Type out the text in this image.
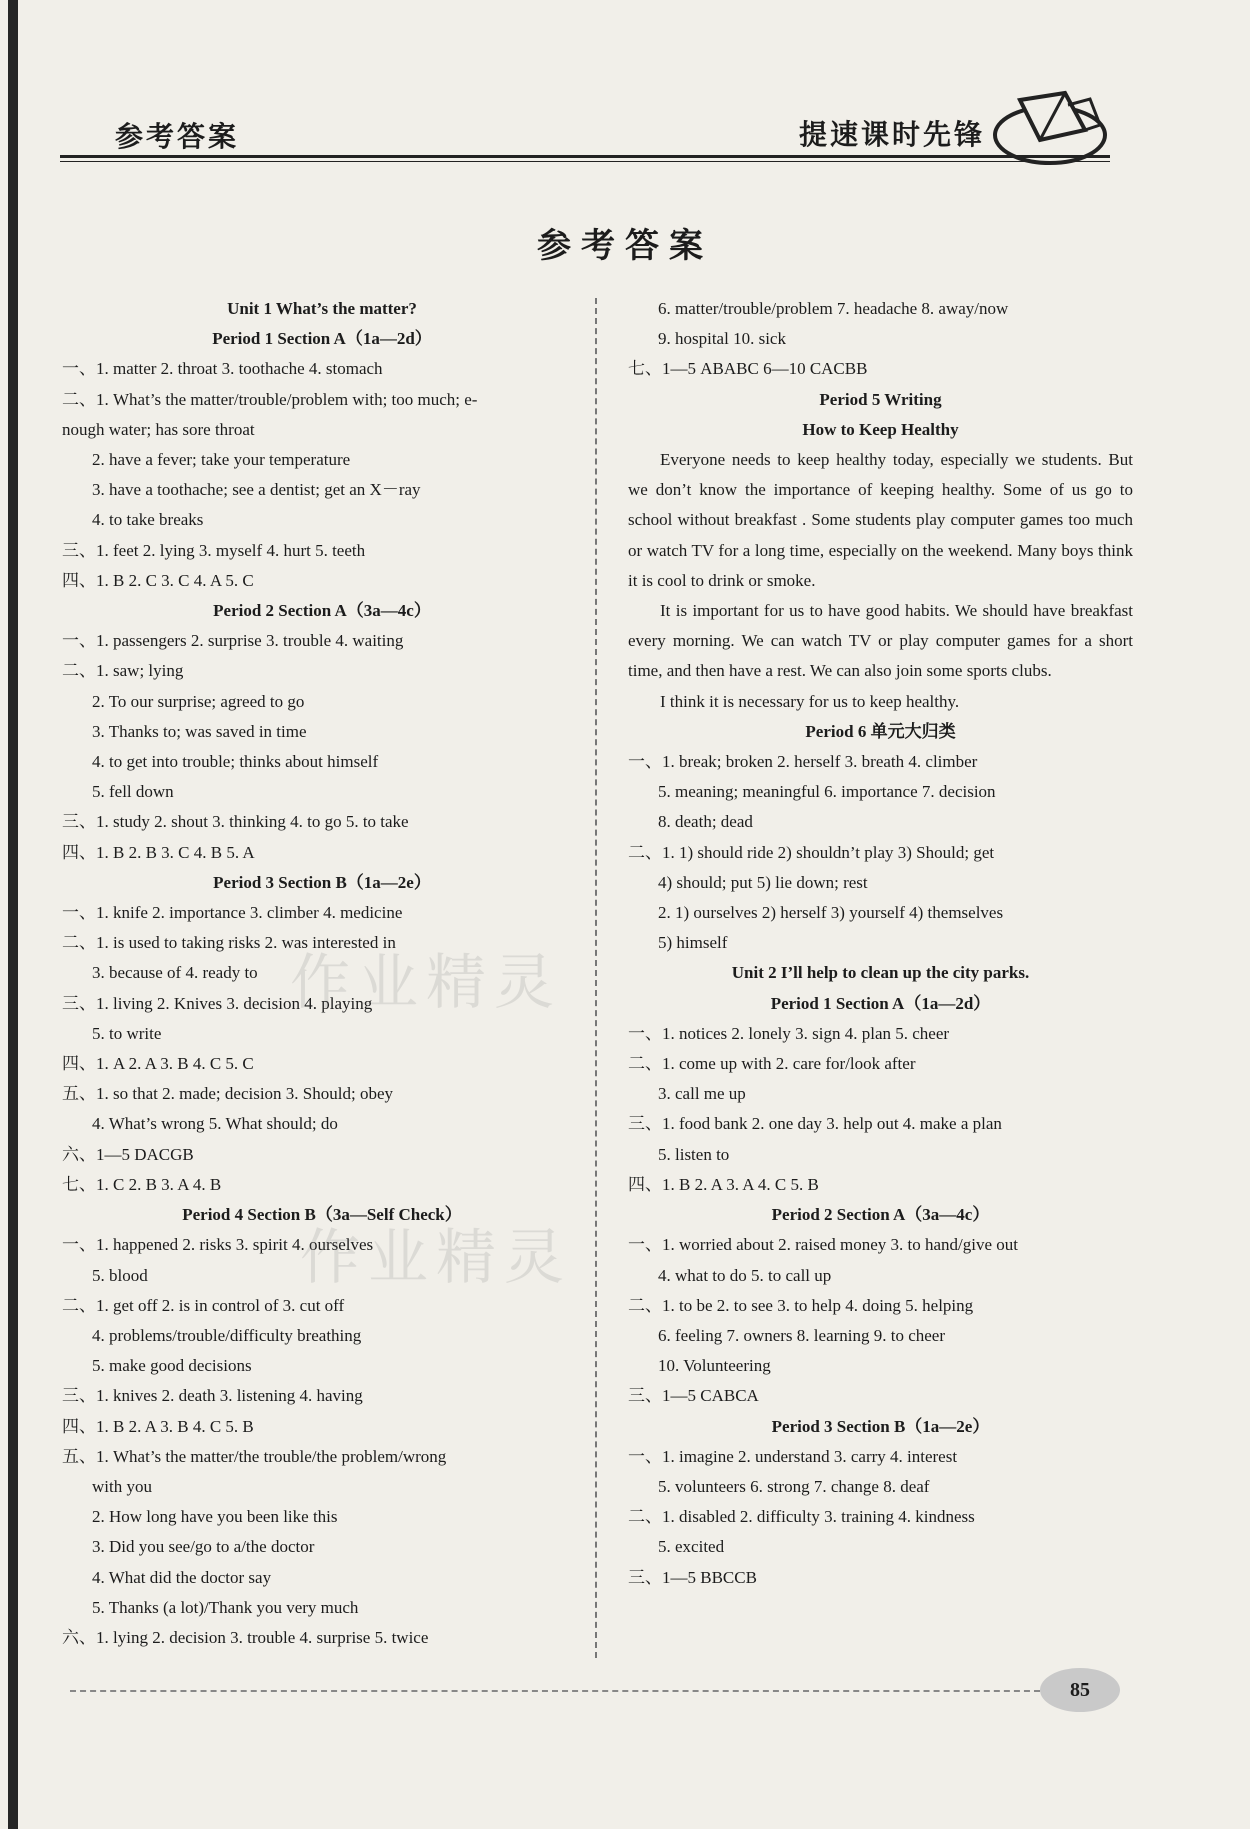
参考答案	提速课时先锋
参考答案
Unit 1 What’s the matter?
Period 1 Section A（1a—2d）
一、1. matter 2. throat 3. toothache 4. stomach
二、1. What’s the matter/trouble/problem with; too much; e-
nough water; has sore throat
2. have a fever; take your temperature
3. have a toothache; see a dentist; get an X－ray
4. to take breaks
三、1. feet 2. lying 3. myself 4. hurt 5. teeth
四、1. B 2. C 3. C 4. A 5. C
Period 2 Section A（3a—4c）
一、1. passengers 2. surprise 3. trouble 4. waiting
二、1. saw; lying
2. To our surprise; agreed to go
3. Thanks to; was saved in time
4. to get into trouble; thinks about himself
5. fell down
三、1. study 2. shout 3. thinking 4. to go 5. to take
四、1. B 2. B 3. C 4. B 5. A
Period 3 Section B（1a—2e）
一、1. knife 2. importance 3. climber 4. medicine
二、1. is used to taking risks 2. was interested in
3. because of 4. ready to
三、1. living 2. Knives 3. decision 4. playing
5. to write
四、1. A 2. A 3. B 4. C 5. C
五、1. so that 2. made; decision 3. Should; obey
4. What’s wrong 5. What should; do
六、1—5 DACGB
七、1. C 2. B 3. A 4. B
Period 4 Section B（3a—Self Check）
一、1. happened 2. risks 3. spirit 4. ourselves
5. blood
二、1. get off 2. is in control of 3. cut off
4. problems/trouble/difficulty breathing
5. make good decisions
三、1. knives 2. death 3. listening 4. having
四、1. B 2. A 3. B 4. C 5. B
五、1. What’s the matter/the trouble/the problem/wrong
with you
2. How long have you been like this
3. Did you see/go to a/the doctor
4. What did the doctor say
5. Thanks (a lot)/Thank you very much
六、1. lying 2. decision 3. trouble 4. surprise 5. twice
6. matter/trouble/problem 7. headache 8. away/now
9. hospital 10. sick
七、1—5 ABABC 6—10 CACBB
Period 5 Writing
How to Keep Healthy
Everyone needs to keep healthy today, especially we students. But we don’t know the importance of keeping healthy. Some of us go to school without breakfast . Some students play computer games too much or watch TV for a long time, especially on the weekend. Many boys think it is cool to drink or smoke.
It is important for us to have good habits. We should have breakfast every morning. We can watch TV or play computer games for a short time, and then have a rest. We can also join some sports clubs.
I think it is necessary for us to keep healthy.
Period 6 单元大归类
一、1. break; broken 2. herself 3. breath 4. climber
5. meaning; meaningful 6. importance 7. decision
8. death; dead
二、1. 1) should ride 2) shouldn’t play 3) Should; get
4) should; put 5) lie down; rest
2. 1) ourselves 2) herself 3) yourself 4) themselves
5) himself
Unit 2 I’ll help to clean up the city parks.
Period 1 Section A（1a—2d）
一、1. notices 2. lonely 3. sign 4. plan 5. cheer
二、1. come up with 2. care for/look after
3. call me up
三、1. food bank 2. one day 3. help out 4. make a plan
5. listen to
四、1. B 2. A 3. A 4. C 5. B
Period 2 Section A（3a—4c）
一、1. worried about 2. raised money 3. to hand/give out
4. what to do 5. to call up
二、1. to be 2. to see 3. to help 4. doing 5. helping
6. feeling 7. owners 8. learning 9. to cheer
10. Volunteering
三、1—5 CABCA
Period 3 Section B（1a—2e）
一、1. imagine 2. understand 3. carry 4. interest
5. volunteers 6. strong 7. change 8. deaf
二、1. disabled 2. difficulty 3. training 4. kindness
5. excited
三、1—5 BBCCB
作业精灵
作业精灵
85
